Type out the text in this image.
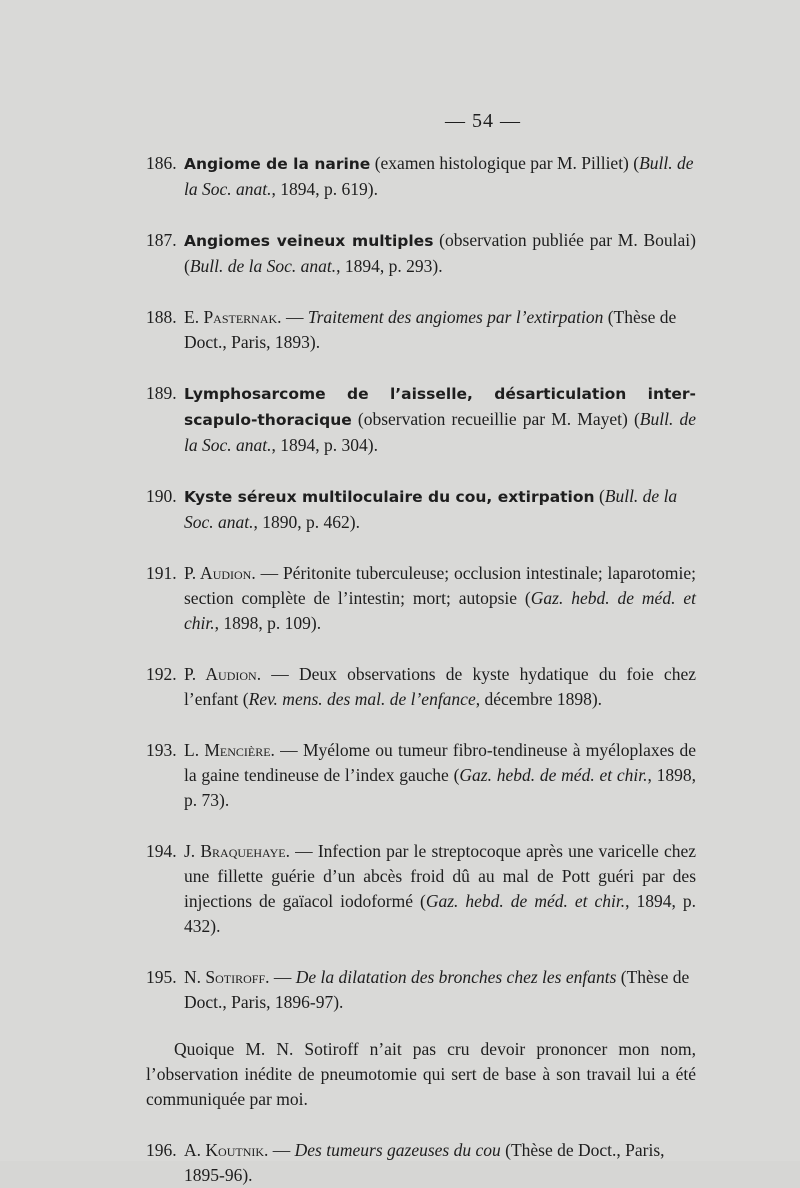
— 54 —
186. Angiome de la narine (examen histologique par M. Pilliet) (Bull. de la Soc. anat., 1894, p. 619).
187. Angiomes veineux multiples (observation publiée par M. Boulai) (Bull. de la Soc. anat., 1894, p. 293).
188. E. Pasternak. — Traitement des angiomes par l’extirpation (Thèse de Doct., Paris, 1893).
189. Lymphosarcome de l’aisselle, désarticulation inter-scapulo-thoracique (observation recueillie par M. Mayet) (Bull. de la Soc. anat., 1894, p. 304).
190. Kyste séreux multiloculaire du cou, extirpation (Bull. de la Soc. anat., 1890, p. 462).
191. P. Audion. — Péritonite tuberculeuse; occlusion intestinale; laparotomie; section complète de l’intestin; mort; autopsie (Gaz. hebd. de méd. et chir., 1898, p. 109).
192. P. Audion. — Deux observations de kyste hydatique du foie chez l’enfant (Rev. mens. des mal. de l’enfance, décembre 1898).
193. L. Mencière. — Myélome ou tumeur fibro-tendineuse à myéloplaxes de la gaine tendineuse de l’index gauche (Gaz. hebd. de méd. et chir., 1898, p. 73).
194. J. Braquehaye. — Infection par le streptocoque après une varicelle chez une fillette guérie d’un abcès froid dû au mal de Pott guéri par des injections de gaïacol iodoformé (Gaz. hebd. de méd. et chir., 1894, p. 432).
195. N. Sotiroff. — De la dilatation des bronches chez les enfants (Thèse de Doct., Paris, 1896-97).

Quoique M. N. Sotiroff n’ait pas cru devoir prononcer mon nom, l’observation inédite de pneumotomie qui sert de base à son travail lui a été communiquée par moi.

196. A. Koutnik. — Des tumeurs gazeuses du cou (Thèse de Doct., Paris, 1895-96).
